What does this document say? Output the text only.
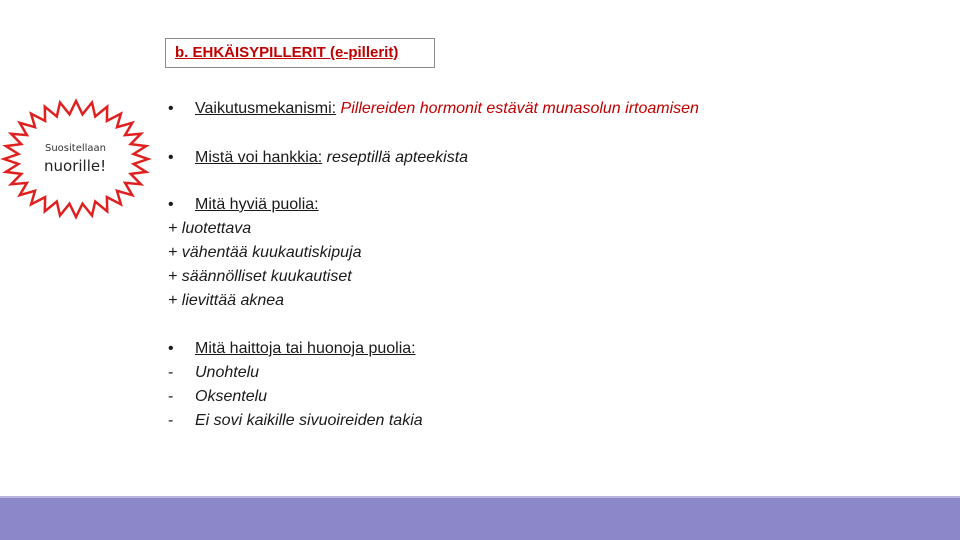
b. EHKÄISYPILLERIT (e-pillerit)
Suositellaan
nuorille!
• Vaikutusmekanismi: Pillereiden hormonit estävät munasolun irtoamisen
• Mistä voi hankkia: reseptillä apteekista
• Mitä hyviä puolia:
+ luotettava
+ vähentää kuukautiskipuja
+ säännölliset kuukautiset
+ lievittää aknea
• Mitä haittoja tai huonoja puolia:
- Unohtelu
- Oksentelu
- Ei sovi kaikille sivuoireiden takia
